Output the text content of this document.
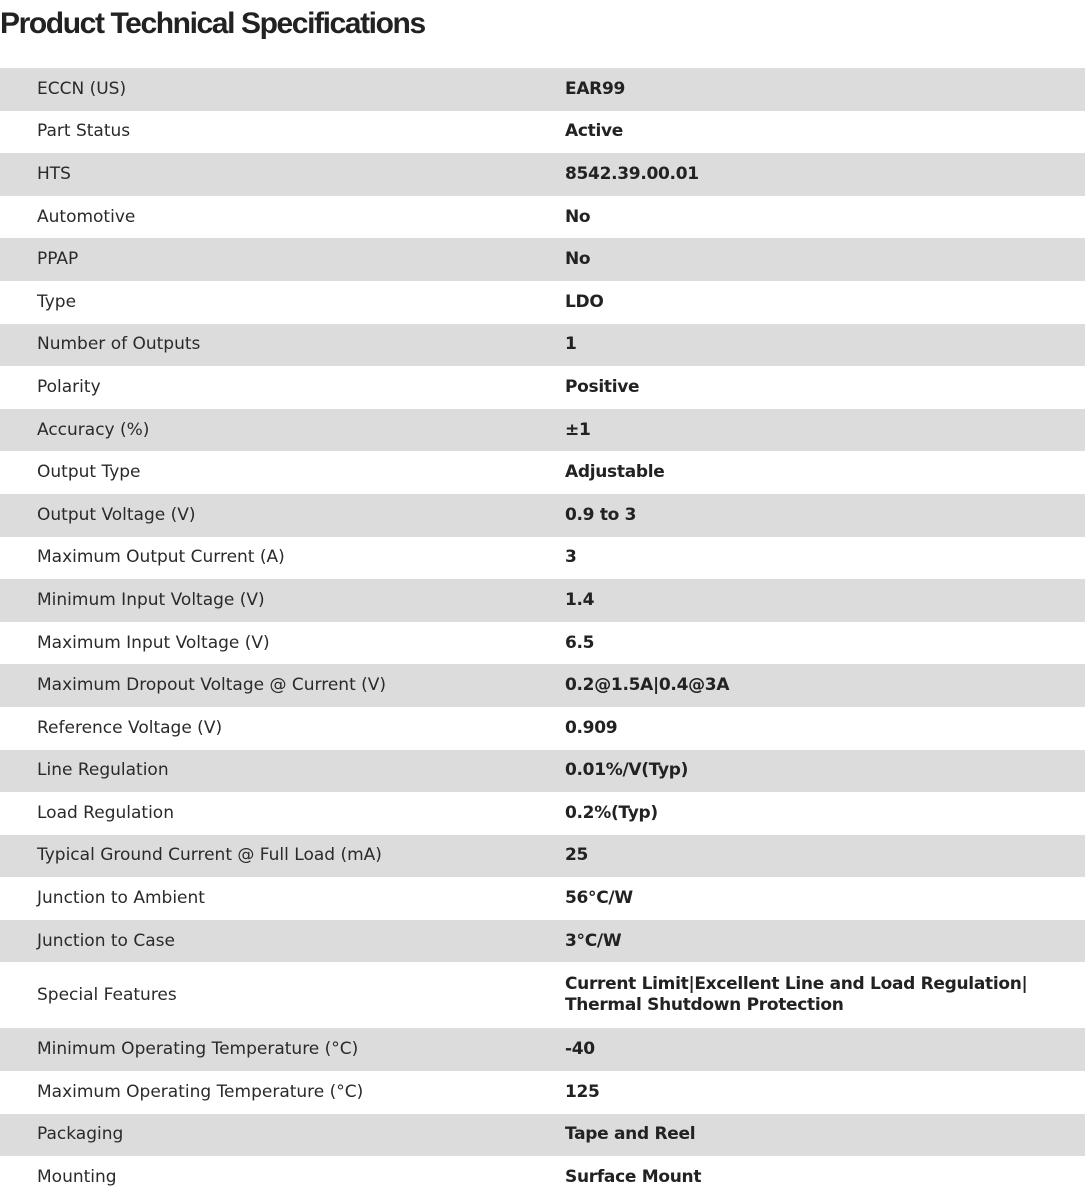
Product Technical Specifications
ECCN (US)	EAR99
Part Status	Active
HTS	8542.39.00.01
Automotive	No
PPAP	No
Type	LDO
Number of Outputs	1
Polarity	Positive
Accuracy (%)	±1
Output Type	Adjustable
Output Voltage (V)	0.9 to 3
Maximum Output Current (A)	3
Minimum Input Voltage (V)	1.4
Maximum Input Voltage (V)	6.5
Maximum Dropout Voltage @ Current (V)	0.2@1.5A|0.4@3A
Reference Voltage (V)	0.909
Line Regulation	0.01%/V(Typ)
Load Regulation	0.2%(Typ)
Typical Ground Current @ Full Load (mA)	25
Junction to Ambient	56°C/W
Junction to Case	3°C/W
Special Features	Current Limit|Excellent Line and Load Regulation|Thermal Shutdown Protection
Minimum Operating Temperature (°C)	-40
Maximum Operating Temperature (°C)	125
Packaging	Tape and Reel
Mounting	Surface Mount
